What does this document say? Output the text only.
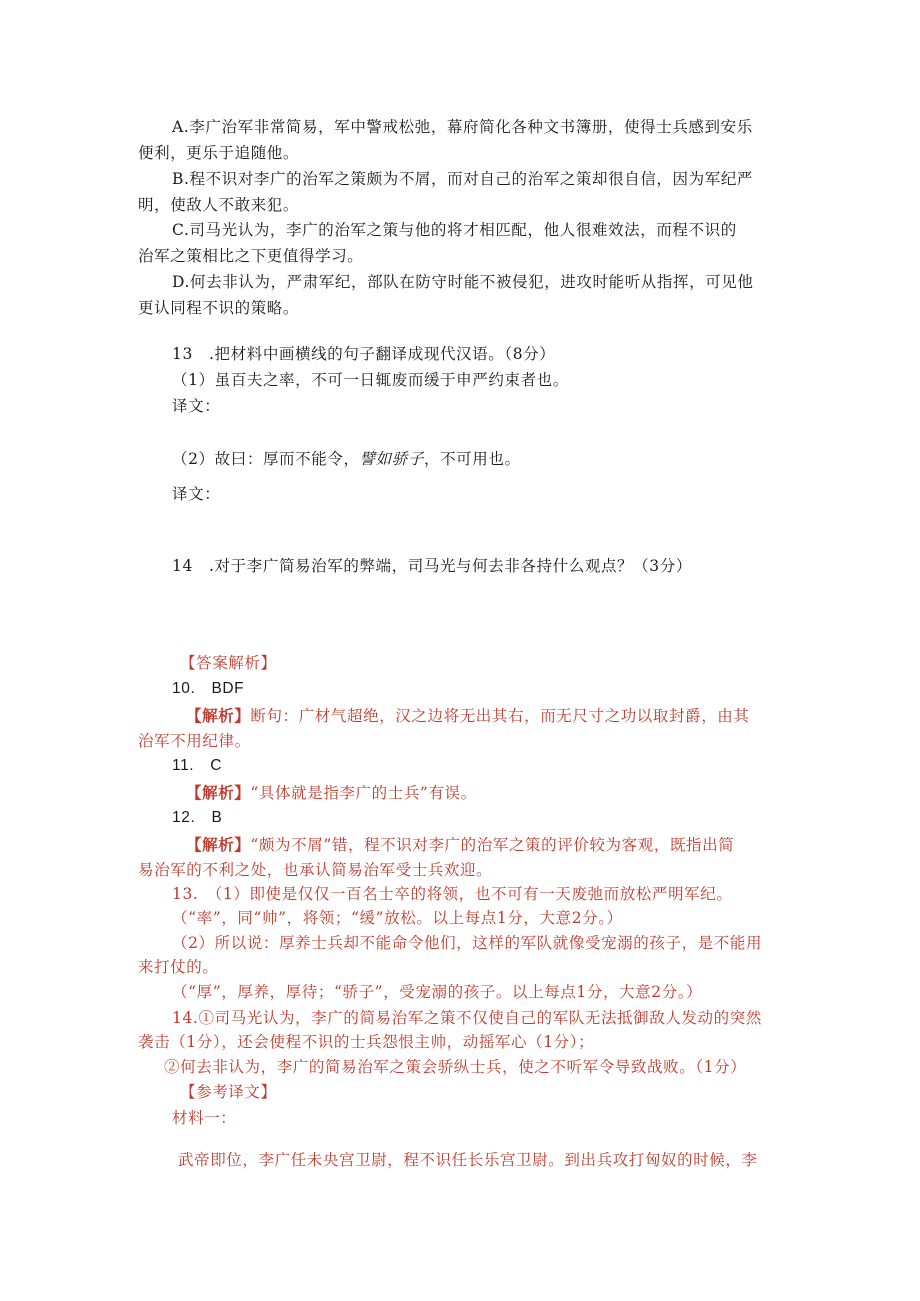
A.李广治军非常简易，军中警戒松弛，幕府简化各种文书簿册，使得士兵感到安乐
便利，更乐于追随他。
B.程不识对李广的治军之策颇为不屑，而对自己的治军之策却很自信，因为军纪严
明，使敌人不敢来犯。
C.司马光认为，李广的治军之策与他的将才相匹配，他人很难效法，而程不识的
治军之策相比之下更值得学习。
D.何去非认为，严肃军纪，部队在防守时能不被侵犯，进攻时能听从指挥，可见他
更认同程不识的策略。
13　.把材料中画横线的句子翻译成现代汉语。（8分）
（1）虽百夫之率，不可一日辄废而缓于申严约束者也。
译文：
（2）故曰：厚而不能令，譬如骄子，不可用也。
译文：
14　.对于李广简易治军的弊端，司马光与何去非各持什么观点？（3分）
【答案解析】
10.　BDF
【解析】断句：广材气超绝，汉之边将无出其右，而无尺寸之功以取封爵，由其
治军不用纪律。
11.　C
【解析】“具体就是指李广的士兵”有误。
12.　B
【解析】“颇为不屑”错，程不识对李广的治军之策的评价较为客观，既指出简
易治军的不利之处，也承认简易治军受士兵欢迎。
13.　（1）即使是仅仅一百名士卒的将领，也不可有一天废弛而放松严明军纪。
（“率”，同“帅”，将领；“缓”放松。以上每点1分，大意2分。）
（2）所以说：厚养士兵却不能命令他们，这样的军队就像受宠溺的孩子，是不能用
来打仗的。
（“厚”，厚养，厚待；“骄子”，受宠溺的孩子。以上每点1分，大意2分。）
14.①司马光认为，李广的简易治军之策不仅使自己的军队无法抵御敌人发动的突然
袭击（1分），还会使程不识的士兵怨恨主帅，动摇军心（1分）；
②何去非认为，李广的简易治军之策会骄纵士兵，使之不听军令导致战败。（1分）
【参考译文】
材料一：
武帝即位，李广任未央宫卫尉，程不识任长乐宫卫尉。到出兵攻打匈奴的时候，李
